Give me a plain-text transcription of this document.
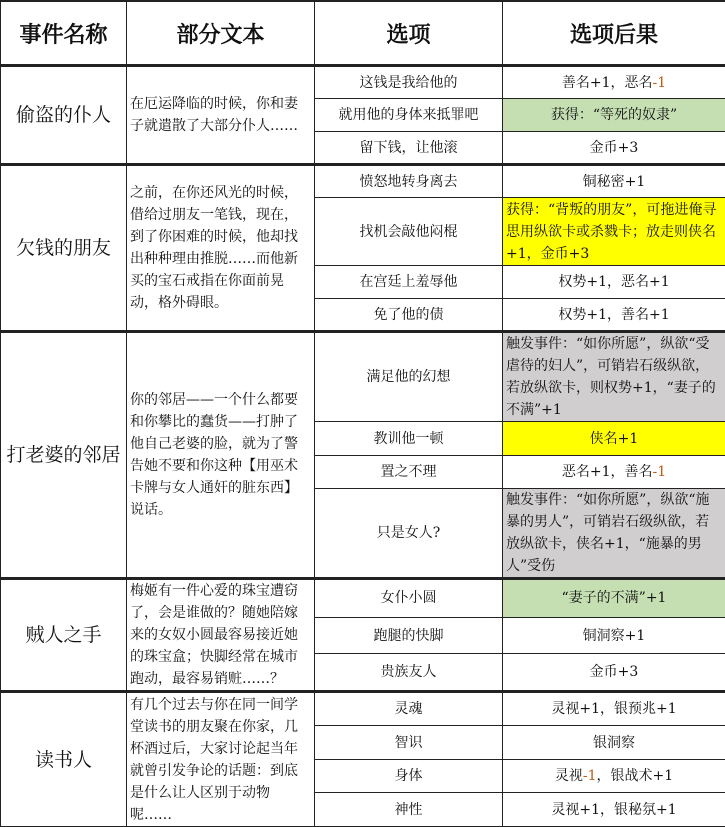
事件名称	部分文本	选项	选项后果
偷盗的仆人	在厄运降临的时候，你和妻子就遣散了大部分仆人……	这钱是我给他的	善名+1，恶名-1
		就用他的身体来抵罪吧	获得：“等死的奴隶”
		留下钱，让他滚	金币+3
欠钱的朋友	之前，在你还风光的时候，借给过朋友一笔钱，现在，到了你困难的时候，他却找出种种理由推脱……而他新买的宝石戒指在你面前晃动，格外碍眼。	愤怒地转身离去	铜秘密+1
		找机会敲他闷棍	获得：“背叛的朋友”，可拖进俺寻思用纵欲卡或杀戮卡；放走则侠名+1，金币+3
		在宫廷上羞辱他	权势+1，恶名+1
		免了他的债	权势+1，善名+1
打老婆的邻居	你的邻居——一个什么都要和你攀比的蠢货——打肿了他自己老婆的脸，就为了警告她不要和你这种【用巫术卡牌与女人通奸的脏东西】说话。	满足他的幻想	触发事件：“如你所愿”，纵欲“受虐待的妇人”，可销岩石级纵欲，若放纵欲卡，则权势+1，“妻子的不满”+1
		教训他一顿	侠名+1
		置之不理	恶名+1，善名-1
		只是女人?	触发事件：“如你所愿”，纵欲“施暴的男人”，可销岩石级纵欲，若放纵欲卡，侠名+1，“施暴的男人”受伤
贼人之手	梅姬有一件心爱的珠宝遭窃了，会是谁做的？随她陪嫁来的女奴小圆最容易接近她的珠宝盒；快脚经常在城市跑动，最容易销赃……？	女仆小圆	“妻子的不满”+1
		跑腿的快脚	铜洞察+1
		贵族友人	金币+3
读书人	有几个过去与你在同一间学堂读书的朋友聚在你家，几杯酒过后，大家讨论起当年就曾引发争论的话题：到底是什么让人区别于动物呢……	灵魂	灵视+1，银预兆+1
		智识	银洞察
		身体	灵视-1，银战术+1
		神性	灵视+1，银秘氛+1
